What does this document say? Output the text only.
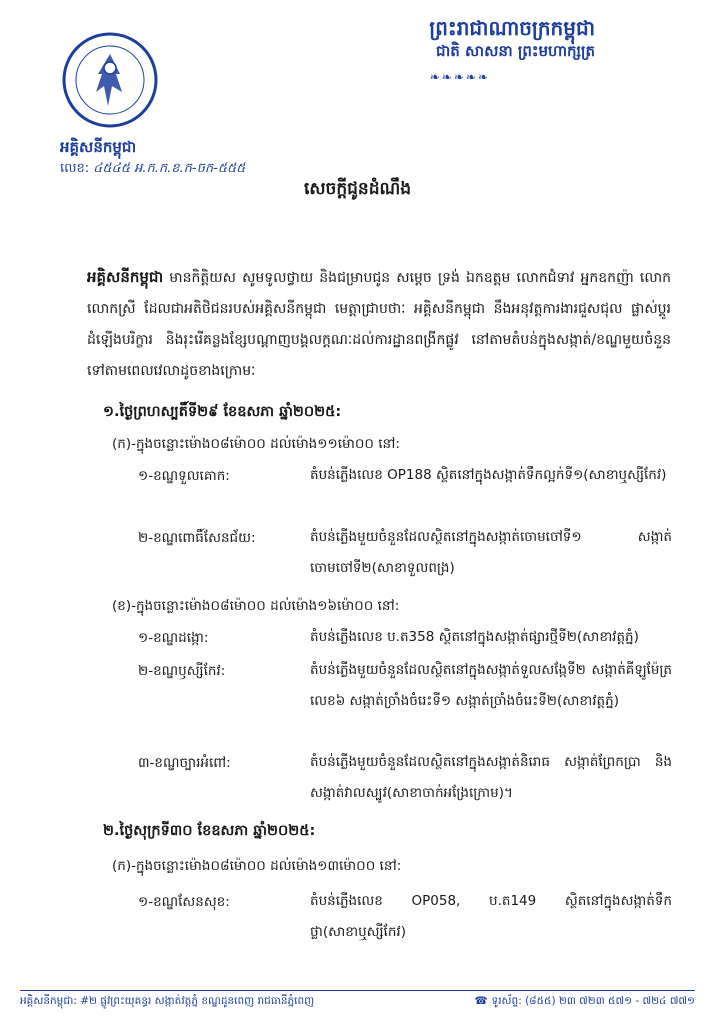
អគ្គិសនីកម្ពុជា
លេខ: ៤៥៤៥ អ.ក.ក.ខ.ក-ចក-៥៥៥
ព្រះរាជាណាចក្រកម្ពុជា
ជាតិ សាសនា ព្រះមហាក្សត្រ
❧❧❧❧❧
សេចក្តីជូនដំណឹង
អគ្គិសនីកម្ពុជា មានកិត្តិយស សូមទូលថ្វាយ និងជម្រាបជូន សម្តេច ទ្រង់ ឯកឧត្តម លោកជំទាវ អ្នកឧកញ៉ា លោក លោកស្រី ដែលជាអតិថិជនរបស់អគ្គិសនីកម្ពុជា មេត្តាជ្រាបថាៈ អគ្គិសនីកម្ពុជា នឹងអនុវត្តការងារជួសជុល ផ្លាស់ប្តូរដំឡើងបរិក្ខារ និងរុះរើគន្លងខ្សែបណ្តាញបង្គលក្តណៈដល់ការដ្ឋានពង្រីកផ្លូវ នៅតាមតំបន់ក្នុងសង្កាត់/ខណ្ឌមួយចំនួនទៅតាមពេលវេលាដូចខាងក្រោមៈ
១.ថ្ងៃព្រហស្បតិ៍ទី២៩ ខែឧសភា ឆ្នាំ២០២៥:
(ក)-ក្នុងចន្លោះម៉ោង០៨ម៉ោ០០ ដល់ម៉ោង១១ម៉ោ០០ នៅ:
១-ខណ្ឌទួលគោក:	តំបន់ភ្លើងលេខ OP188 ស្ថិតនៅក្នុងសង្កាត់ទឹកល្អក់ទី១(សាខាឬស្សីកែវ)
២-ខណ្ឌពោធិ៍សែនជ័យ:	តំបន់ភ្លើងមួយចំនួនដែលស្ថិតនៅក្នុងសង្កាត់ចោមចៅទី១ សង្កាត់ចោមចៅទី២(សាខាទួលពង្រ)
(ខ)-ក្នុងចន្លោះម៉ោង០៨ម៉ោ០០ ដល់ម៉ោង១៦ម៉ោ០០ នៅ:
១-ខណ្ឌដង្កោ:	តំបន់ភ្លើងលេខ ប.ត358 ស្ថិតនៅក្នុងសង្កាត់ផ្សារថ្មីទី២(សាខាវត្តភ្នំ)
២-ខណ្ឌឫស្សីកែវ:	តំបន់ភ្លើងមួយចំនួនដែលស្ថិតនៅក្នុងសង្កាត់ទួលសង្កែទី២ សង្កាត់គីឡូម៉ែត្រលេខ៦ សង្កាត់ច្រាំងចំរេះទី១ សង្កាត់ច្រាំងចំរេះទី២(សាខាវត្តភ្នំ)
៣-ខណ្ឌច្បារអំពៅ:	តំបន់ភ្លើងមួយចំនួនដែលស្ថិតនៅក្នុងសង្កាត់និរោធ សង្កាត់ព្រែកប្រា និងសង្កាត់វាលស្បូវ(សាខាចាក់អង្រែក្រោម)។
២.ថ្ងៃសុក្រទី៣០ ខែឧសភា ឆ្នាំ២០២៥:
(ក)-ក្នុងចន្លោះម៉ោង០៨ម៉ោ០០ ដល់ម៉ោង១៣ម៉ោ០០ នៅ:
១-ខណ្ឌសែនសុខ:	តំបន់ភ្លើងលេខ OP058, ប.ត149 ស្ថិតនៅក្នុងសង្កាត់ទឹកថ្លា(សាខាឬស្សីកែវ)
អគ្គិសនីកម្ពុជា: #២ ផ្លូវព្រះយុគន្ធរ សង្កាត់វត្តភ្នំ ខណ្ឌដូនពេញ រាជធានីភ្នំពេញ	☎ ទូរស័ព្ទ: (៨៥៥) ២៣ ៧២៣ ៥៧១ - ៧២៤ ៧៧១
